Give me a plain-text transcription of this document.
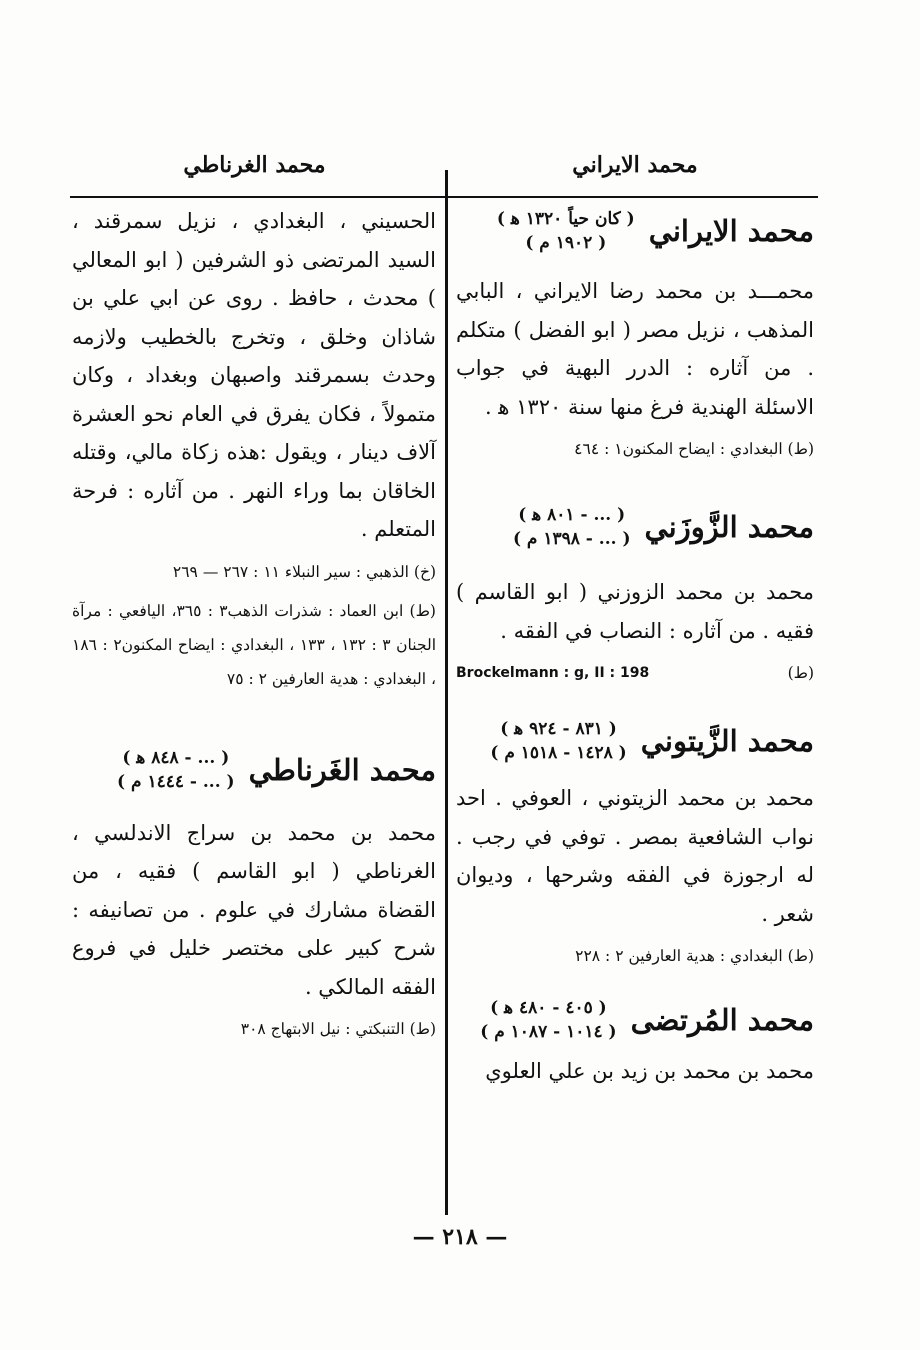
محمد الايراني
محمد الغرناطي
محمد الايراني
( كان حياً ١٣٢٠ ﻫ )
( ١٩٠٢ م )

محمـــد بن محمد رضا الايراني ، البابي المذهب ، نزيل مصر ( ابو الفضل ) متكلم . من آثاره : الدرر البهية في جواب الاسئلة الهندية فرغ منها سنة ١٣٢٠ ﻫ .

(ط) البغدادي : ايضاح المكنون١ : ٤٦٤

محمد الزَّوزَني
( ... - ٨٠١ ﻫ )
( ... - ١٣٩٨ م )

محمد بن محمد الزوزني ( ابو القاسم ) فقيه . من آثاره : النصاب في الفقه .

(ط)
Brockelmann : g, II : 198

محمد الزَّيتوني
( ٨٣١ - ٩٢٤ ﻫ )
( ١٤٢٨ - ١٥١٨ م )

محمد بن محمد الزيتوني ، العوفي . احد نواب الشافعية بمصر . توفي في رجب . له ارجوزة في الفقه وشرحها ، وديوان شعر .

(ط) البغدادي : هدية العارفين ٢ : ٢٢٨

محمد المُرتضى
( ٤٠٥ - ٤٨٠ ﻫ )
( ١٠١٤ - ١٠٨٧ م )

محمد بن محمد بن زيد بن علي العلوي

الحسيني ، البغدادي ، نزيل سمرقند ، السيد المرتضى ذو الشرفين ( ابو المعالي ) محدث ، حافظ . روى عن ابي علي بن شاذان وخلق ، وتخرج بالخطيب ولازمه وحدث بسمرقند واصبهان وبغداد ، وكان متمولاً ، فكان يفرق في العام نحو العشرة آلاف دينار ، ويقول :هذه زكاة مالي، وقتله الخاقان بما وراء النهر . من آثاره : فرحة المتعلم .

(خ) الذهبي : سير النبلاء ١١ : ٢٦٧ — ٢٦٩

(ط) ابن العماد : شذرات الذهب٣ : ٣٦٥، اليافعي : مرآة الجنان ٣ : ١٣٢ ، ١٣٣ ، البغدادي : ايضاح المكنون٢ : ١٨٦ ، البغدادي : هدية العارفين ٢ : ٧٥

محمد الغَرناطي
( ... - ٨٤٨ ﻫ )
( ... - ١٤٤٤ م )

محمد بن محمد بن سراج الاندلسي ، الغرناطي ( ابو القاسم ) فقيه ، من القضاة مشارك في علوم . من تصانيفه : شرح كبير على مختصر خليل في فروع الفقه المالكي .

(ط) التنبكتي : نيل الابتهاج ٣٠٨

— ٢١٨ —
